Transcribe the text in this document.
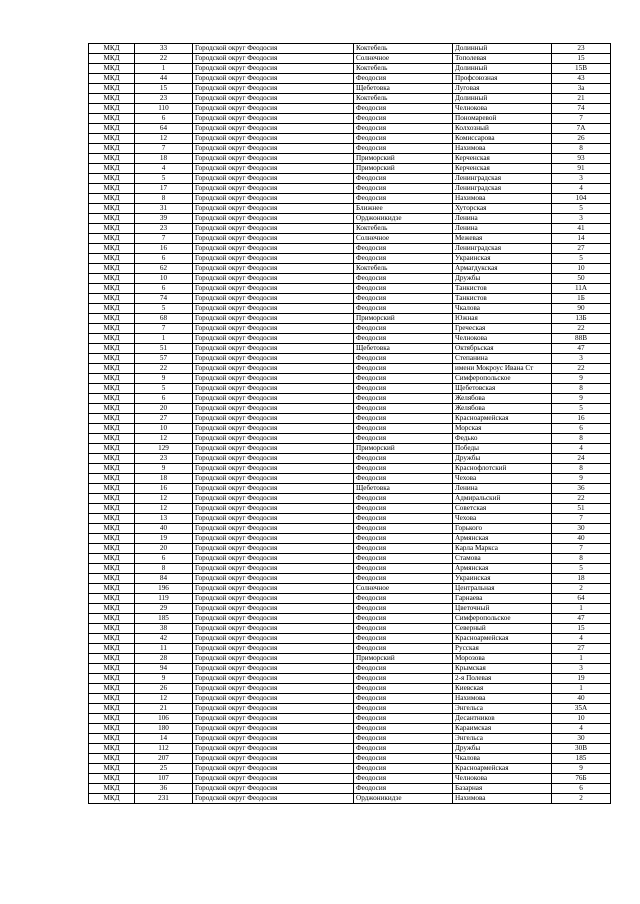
МКД	33	Городской округ Феодосия	Коктебель	Долинный	23
МКД	22	Городской округ Феодосия	Солнечное	Тополевая	15
МКД	1	Городской округ Феодосия	Коктебель	Долинный	15В
МКД	44	Городской округ Феодосия	Феодосия	Профсоюзная	43
МКД	15	Городской округ Феодосия	Щебетовка	Луговая	3а
МКД	23	Городской округ Феодосия	Коктебель	Долинный	21
МКД	110	Городской округ Феодосия	Феодосия	Челнокова	74
МКД	6	Городской округ Феодосия	Феодосия	Пономаревой	7
МКД	64	Городской округ Феодосия	Феодосия	Колхозный	7А
МКД	12	Городской округ Феодосия	Феодосия	Комиссарова	26
МКД	7	Городской округ Феодосия	Феодосия	Нахимова	8
МКД	18	Городской округ Феодосия	Приморский	Керченская	93
МКД	4	Городской округ Феодосия	Приморский	Керченская	91
МКД	5	Городской округ Феодосия	Феодосия	Ленинградская	3
МКД	17	Городской округ Феодосия	Феодосия	Ленинградская	4
МКД	8	Городской округ Феодосия	Феодосия	Нахимова	104
МКД	31	Городской округ Феодосия	Ближнее	Хуторская	5
МКД	39	Городской округ Феодосия	Орджоникидзе	Ленина	3
МКД	23	Городской округ Феодосия	Коктебель	Ленина	41
МКД	7	Городской округ Феодосия	Солнечное	Межевая	14
МКД	16	Городской округ Феодосия	Феодосия	Ленинградская	27
МКД	6	Городской округ Феодосия	Феодосия	Украинская	5
МКД	62	Городской округ Феодосия	Коктебель	Армагдукская	10
МКД	10	Городской округ Феодосия	Феодосия	Дружбы	50
МКД	6	Городской округ Феодосия	Феодосия	Танкистов	11А
МКД	74	Городской округ Феодосия	Феодосия	Танкистов	1Б
МКД	5	Городской округ Феодосия	Феодосия	Чкалова	90
МКД	68	Городской округ Феодосия	Приморский	Южная	13Б
МКД	7	Городской округ Феодосия	Феодосия	Греческая	22
МКД	1	Городской округ Феодосия	Феодосия	Челнокова	88В
МКД	51	Городской округ Феодосия	Щебетовка	Октябрьская	47
МКД	57	Городской округ Феодосия	Феодосия	Степанина	3
МКД	22	Городской округ Феодосия	Феодосия	имени Мокроус Ивана Ст	22
МКД	9	Городской округ Феодосия	Феодосия	Симферопольское	9
МКД	5	Городской округ Феодосия	Феодосия	Щебетовская	8
МКД	6	Городской округ Феодосия	Феодосия	Желябова	9
МКД	20	Городской округ Феодосия	Феодосия	Желябова	5
МКД	27	Городской округ Феодосия	Феодосия	Красноармейская	16
МКД	10	Городской округ Феодосия	Феодосия	Морская	6
МКД	12	Городской округ Феодосия	Феодосия	Федько	8
МКД	129	Городской округ Феодосия	Приморский	Победы	4
МКД	23	Городской округ Феодосия	Феодосия	Дружбы	24
МКД	9	Городской округ Феодосия	Феодосия	Краснофлотский	8
МКД	18	Городской округ Феодосия	Феодосия	Чехова	9
МКД	16	Городской округ Феодосия	Щебетовка	Ленина	36
МКД	12	Городской округ Феодосия	Феодосия	Адмиральский	22
МКД	12	Городской округ Феодосия	Феодосия	Советская	51
МКД	13	Городской округ Феодосия	Феодосия	Чехова	7
МКД	40	Городской округ Феодосия	Феодосия	Горького	30
МКД	19	Городской округ Феодосия	Феодосия	Армянская	40
МКД	20	Городской округ Феодосия	Феодосия	Карла Маркса	7
МКД	6	Городской округ Феодосия	Феодосия	Стамова	8
МКД	8	Городской округ Феодосия	Феодосия	Армянская	5
МКД	84	Городской округ Феодосия	Феодосия	Украинская	18
МКД	196	Городской округ Феодосия	Солнечное	Центральная	2
МКД	119	Городской округ Феодосия	Феодосия	Гарнаева	64
МКД	29	Городской округ Феодосия	Феодосия	Цветочный	1
МКД	185	Городской округ Феодосия	Феодосия	Симферопольское	47
МКД	38	Городской округ Феодосия	Феодосия	Северный	15
МКД	42	Городской округ Феодосия	Феодосия	Красноармейская	4
МКД	11	Городской округ Феодосия	Феодосия	Русская	27
МКД	28	Городской округ Феодосия	Приморский	Морозова	1
МКД	94	Городской округ Феодосия	Феодосия	Крымская	3
МКД	9	Городской округ Феодосия	Феодосия	2-я Полевая	19
МКД	26	Городской округ Феодосия	Феодосия	Киевская	1
МКД	12	Городской округ Феодосия	Феодосия	Нахимова	40
МКД	21	Городской округ Феодосия	Феодосия	Энгельса	35А
МКД	106	Городской округ Феодосия	Феодосия	Десантников	10
МКД	180	Городской округ Феодосия	Феодосия	Караимская	4
МКД	14	Городской округ Феодосия	Феодосия	Энгельса	30
МКД	112	Городской округ Феодосия	Феодосия	Дружбы	30В
МКД	207	Городской округ Феодосия	Феодосия	Чкалова	185
МКД	25	Городской округ Феодосия	Феодосия	Красноармейская	9
МКД	107	Городской округ Феодосия	Феодосия	Челнокова	76Б
МКД	36	Городской округ Феодосия	Феодосия	Базарная	6
МКД	231	Городской округ Феодосия	Орджоникидзе	Нахимова	2
